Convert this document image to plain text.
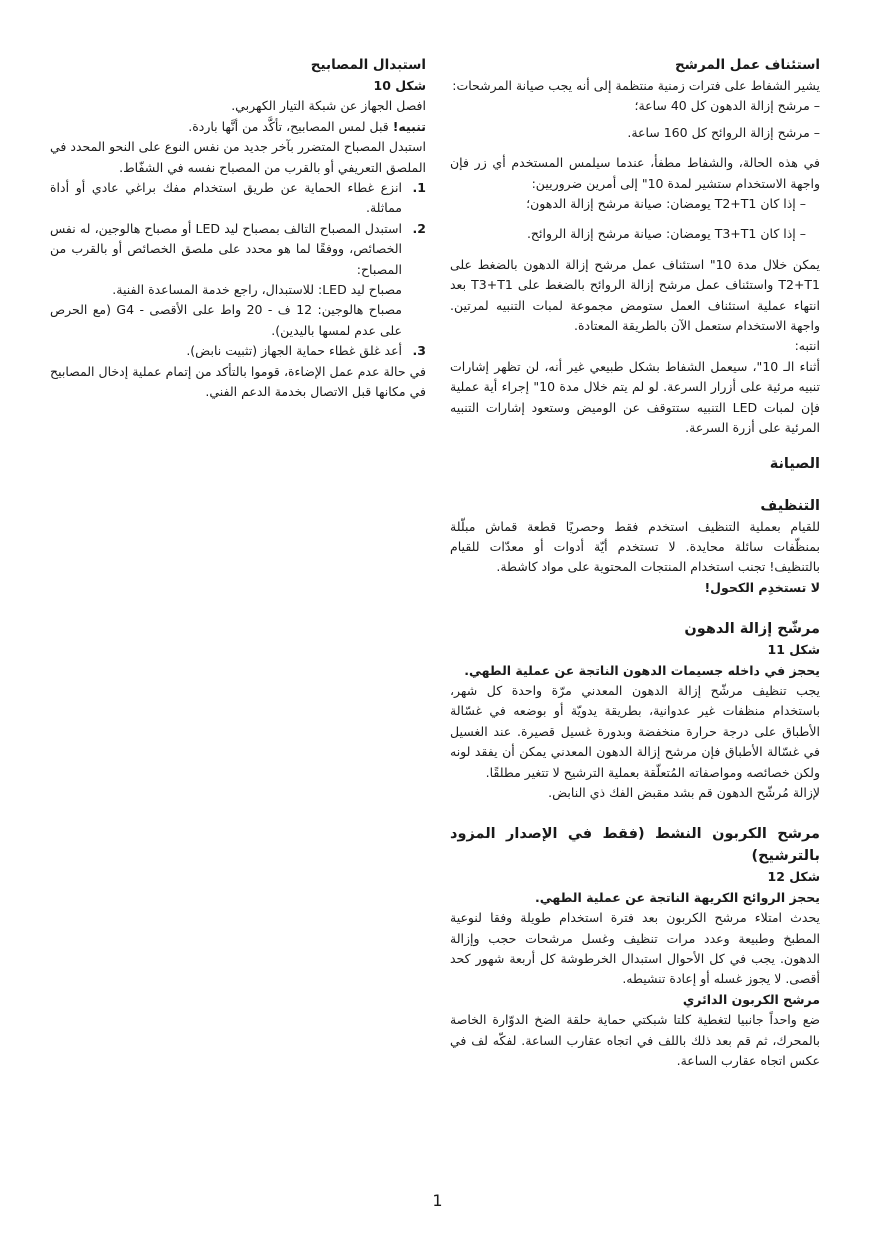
استئناف عمل المرشح

يشير الشفاط على فترات زمنية منتظمة إلى أنه يجب صيانة المرشحات:

– مرشح إزالة الدهون كل 40 ساعة؛

– مرشح إزالة الروائح كل 160 ساعة.

في هذه الحالة، والشفاط مطفأ، عندما سيلمس المستخدم أي زر فإن واجهة الاستخدام ستشير لمدة 10" إلى أمرين ضروريين:

– إذا كان T2+T1 يومضان: صيانة مرشح إزالة الدهون؛

– إذا كان T3+T1 يومضان: صيانة مرشح إزالة الروائح.

يمكن خلال مدة 10" استئناف عمل مرشح إزالة الدهون بالضغط على T2+T1 واستئناف عمل مرشح إزالة الروائح بالضغط على T3+T1 بعد انتهاء عملية استئناف العمل ستومض مجموعة لمبات التنبيه لمرتين. واجهة الاستخدام ستعمل الآن بالطريقة المعتادة.

انتبه:

أثناء الـ 10"، سيعمل الشفاط بشكل طبيعي غير أنه، لن تظهر إشارات تنبيه مرئية على أزرار السرعة. لو لم يتم خلال مدة 10" إجراء أية عملية فإن لمبات LED التنبيه ستتوقف عن الوميض وستعود إشارات التنبيه المرئية على أزرة السرعة.

الصيانة

التنظيف

للقيام بعملية التنظيف استخدم فقط وحصريًا قطعة قماش مبلّلة بمنظّفات سائلة محايدة. لا تستخدم أيّة أدوات أو معدّات للقيام بالتنظيف! تجنب استخدام المنتجات المحتوية على مواد كاشطة.

لا تستخدِم الكحول!

مرشّح إزالة الدهون

شكل 11

يحجز في داخله جسيمات الدهون الناتجة عن عملية الطهي.

يجب تنظيف مرشّح إزالة الدهون المعدني مرّة واحدة كل شهر، باستخدام منظفات غير عدوانية، بطريقة يدويّة أو بوضعه في غسّالة الأطباق على درجة حرارة منخفضة وبدورة غسيل قصيرة. عند الغسيل في غسّالة الأطباق فإن مرشح إزالة الدهون المعدني يمكن أن يفقد لونه ولكن خصائصه ومواصفاته المُتعلّقة بعملية الترشيح لا تتغير مطلقًا.

لإزالة مُرشّح الدهون قم بشد مقبض الفك ذي النابض.

مرشح الكربون النشط (فقط في الإصدار المزود بالترشيح)

شكل 12

يحجز الروائح الكريهة الناتجة عن عملية الطهي.

يحدث امتلاء مرشح الكربون بعد فترة استخدام طويلة وفقا لنوعية المطبخ وطبيعة وعدد مرات تنظيف وغسل مرشحات حجب وإزالة الدهون. يجب في كل الأحوال استبدال الخرطوشة كل أربعة شهور كحد أقصى. لا يجوز غسله أو إعادة تنشيطه.

مرشح الكربون الدائري

ضع واحداً جانبيا لتغطية كلتا شبكتي حماية حلقة الضخ الدوّارة الخاصة بالمحرك، ثم قم بعد ذلك باللف في اتجاه عقارب الساعة. لفكّه لف في عكس اتجاه عقارب الساعة.

استبدال المصابيح

شكل 10

افصل الجهاز عن شبكة التيار الكهربي.

تنبيه! قبل لمس المصابيح، تأكَّد من أنَّها باردة.

استبدل المصباح المتضرر بآخر جديد من نفس النوع على النحو المحدد في الملصق التعريفي أو بالقرب من المصباح نفسه في الشفّاط.

1.
انزع غطاء الحماية عن طريق استخدام مفك براغي عادي أو أداة مماثلة.

2.
استبدل المصباح التالف بمصباح ليد LED أو مصباح هالوجين، له نفس الخصائص، ووفقًا لما هو محدد على ملصق الخصائص أو بالقرب من المصباح:

مصباح ليد LED: للاستبدال، راجع خدمة المساعدة الفنية.

مصباح هالوجين: 12 ف - 20 واط على الأقصى - G4 (مع الحرص على عدم لمسها باليدين).

3.
أعد غلق غطاء حماية الجهاز (تثبيت نابض).

في حالة عدم عمل الإضاءة، قوموا بالتأكد من إتمام عملية إدخال المصابيح في مكانها قبل الاتصال بخدمة الدعم الفني.

1
